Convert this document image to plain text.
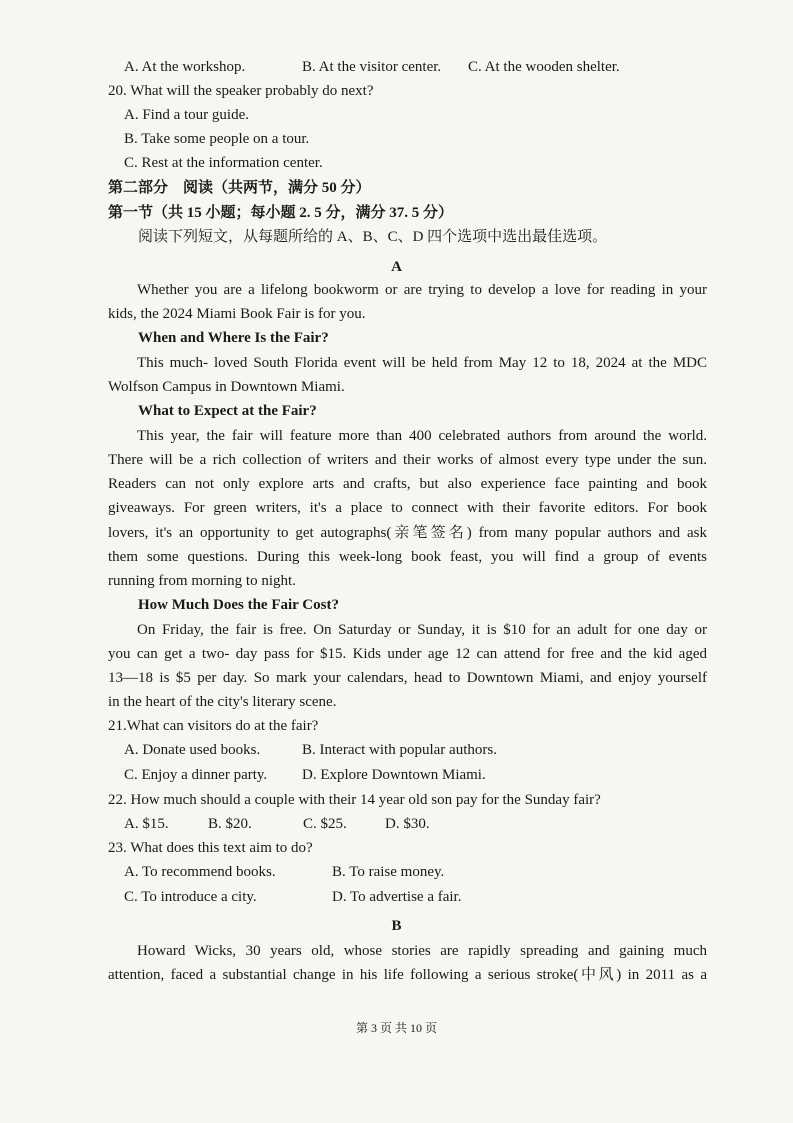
A. At the workshop.	B. At the visitor center. C. At the wooden shelter.
20. What will the speaker probably do next?
A. Find a tour guide.
B. Take some people on a tour.
C. Rest at the information center.
第二部分　阅读（共两节，满分 50 分）
第一节（共 15 小题；每小题 2. 5 分，满分 37. 5 分）
阅读下列短文，从每题所给的 A、B、C、D 四个选项中选出最佳选项。
A
Whether you are a lifelong bookworm or are trying to develop a love for reading in your
kids, the 2024 Miami Book Fair is for you.
When and Where Is the Fair?
This much- loved South Florida event will be held from May 12 to 18, 2024 at the MDC
Wolfson Campus in Downtown Miami.
What to Expect at the Fair?
This year, the fair will feature more than 400 celebrated authors from around the world.
There will be a rich collection of writers and their works of almost every type under the sun.
Readers can not only explore arts and crafts, but also experience face painting and book
giveaways. For green writers, it's a place to connect with their favorite editors. For book
lovers, it's an opportunity to get autographs(亲笔签名) from many popular authors and ask
them some questions. During this week-long book feast, you will find a group of events
running from morning to night.
How Much Does the Fair Cost?
On Friday, the fair is free. On Saturday or Sunday, it is $10 for an adult for one day or
you can get a two- day pass for $15. Kids under age 12 can attend for free and the kid aged
13—18 is $5 per day. So mark your calendars, head to Downtown Miami, and enjoy yourself
in the heart of the city's literary scene.
21.What can visitors do at the fair?
A. Donate used books.	B. Interact with popular authors.
C. Enjoy a dinner party. D. Explore Downtown Miami.
22. How much should a couple with their 14 year old son pay for the Sunday fair?
A. $15.	B. $20.	C. $25.	D. $30.
23. What does this text aim to do?
A. To recommend books.	B. To raise money.
C. To introduce a city.	D. To advertise a fair.
B
Howard Wicks, 30 years old, whose stories are rapidly spreading and gaining much
attention, faced a substantial change in his life following a serious stroke(中风) in 2011 as a
第 3 页 共 10 页
